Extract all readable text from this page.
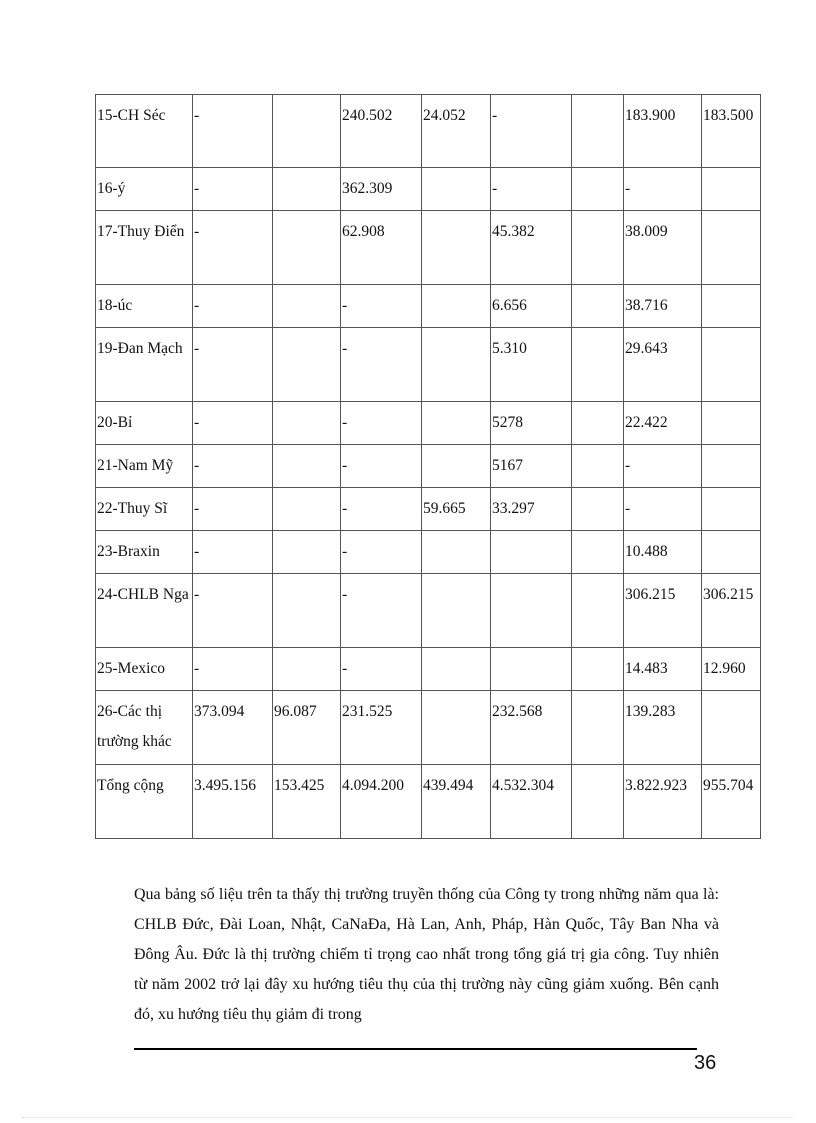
15-CH Séc	-		240.502	24.052	-		183.900	183.500
16-ý	-		362.309		-		-	
17-Thuy Điển	-		62.908		45.382		38.009	
18-úc	-		-		6.656		38.716	
19-Đan Mạch	-		-		5.310		29.643	
20-Bỉ	-		-		5278		22.422	
21-Nam Mỹ	-		-		5167		-	
22-Thuy Sĩ	-		-	59.665	33.297		-	
23-Braxin	-		-				10.488	
24-CHLB Nga	-		-				306.215	306.215
25-Mexico	-		-				14.483	12.960
26-Các thị trường khác	373.094	96.087	231.525		232.568		139.283	
Tổng cộng	3.495.156	153.425	4.094.200	439.494	4.532.304		3.822.923	955.704

Qua bảng số liệu trên ta thấy thị trường truyền thống của Công ty trong những năm qua là: CHLB Đức, Đài Loan, Nhật, CaNaĐa, Hà Lan, Anh, Pháp, Hàn Quốc, Tây Ban Nha và Đông Âu. Đức là thị trường chiếm tỉ trọng cao nhất trong tổng giá trị gia công. Tuy nhiên từ năm 2002 trở lại đây xu hướng tiêu thụ của thị trường này cũng giảm xuống. Bên cạnh đó, xu hướng tiêu thụ giảm đi trong

36
